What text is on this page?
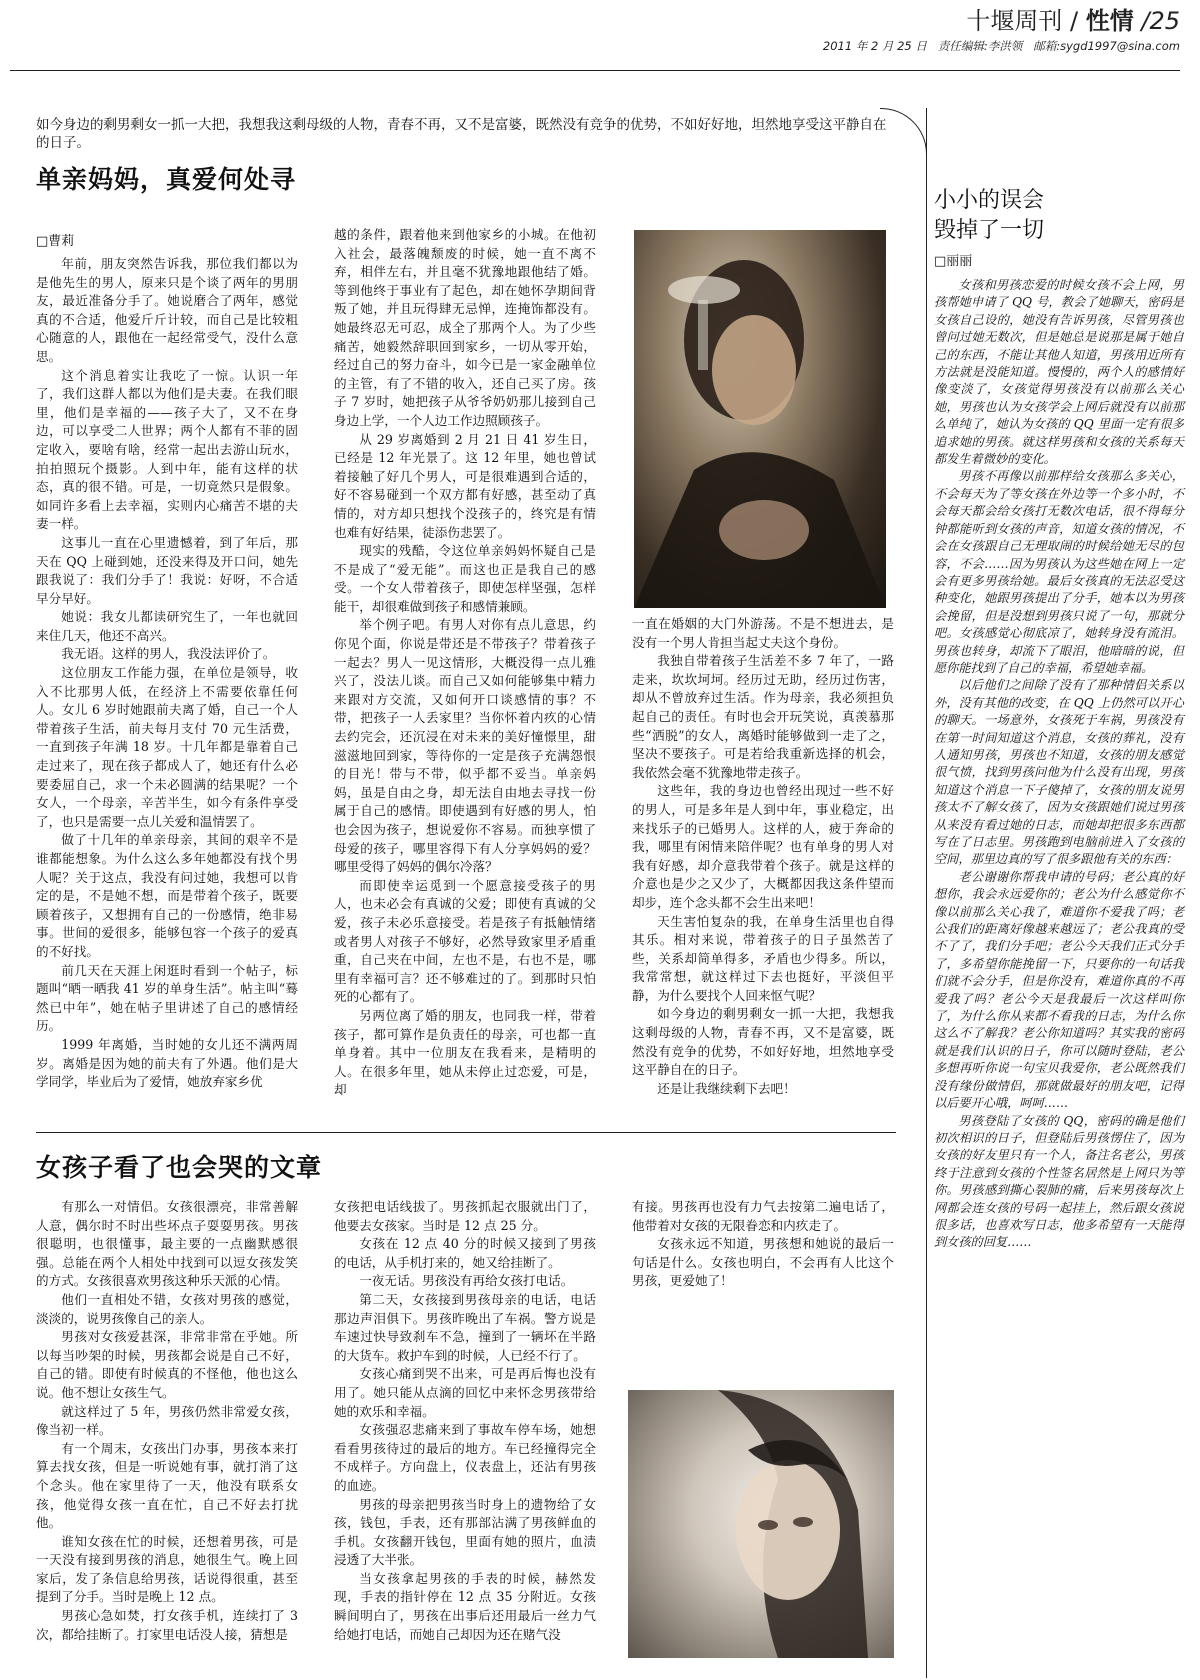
十堰周刊 / 性情 /25
2011 年 2 月 25 日 责任编辑:李洪领 邮箱:sygd1997@sina.com
如今身边的剩男剩女一抓一大把，我想我这剩母级的人物，青春不再，又不是富婆，既然没有竞争的优势，不如好好地，坦然地享受这平静自在的日子。
单亲妈妈，真爱何处寻
□曹莉

年前，朋友突然告诉我，那位我们都以为是他先生的男人，原来只是个谈了两年的男朋友，最近准备分手了。她说磨合了两年，感觉真的不合适，他爱斤斤计较，而自己是比较粗心随意的人，跟他在一起经常受气，没什么意思。

这个消息着实让我吃了一惊。认识一年了，我们这群人都以为他们是夫妻。在我们眼里，他们是幸福的——孩子大了，又不在身边，可以享受二人世界；两个人都有不菲的固定收入，要啥有啥，经常一起出去游山玩水，拍拍照玩个摄影。人到中年，能有这样的状态，真的很不错。可是，一切竟然只是假象。如同许多看上去幸福，实则内心痛苦不堪的夫妻一样。

这事儿一直在心里遗憾着，到了年后，那天在 QQ 上碰到她，还没来得及开口问，她先跟我说了：我们分手了！我说：好呀，不合适早分早好。

她说：我女儿都读研究生了，一年也就回来住几天，他还不高兴。

我无语。这样的男人，我没法评价了。

这位朋友工作能力强，在单位是领导，收入不比那男人低，在经济上不需要依靠任何人。女儿 6 岁时她跟前夫离了婚，自己一个人带着孩子生活，前夫每月支付 70 元生活费，一直到孩子年满 18 岁。十几年都是靠着自己走过来了，现在孩子都成人了，她还有什么必要委屈自己，求一个未必圆满的结果呢？一个女人，一个母亲，辛苦半生，如今有条件享受了，也只是需要一点儿关爱和温情罢了。

做了十几年的单亲母亲，其间的艰辛不是谁都能想象。为什么这么多年她都没有找个男人呢？关于这点，我没有问过她，我想可以肯定的是，不是她不想，而是带着个孩子，既要顾着孩子，又想拥有自己的一份感情，绝非易事。世间的爱很多，能够包容一个孩子的爱真的不好找。

前几天在天涯上闲逛时看到一个帖子，标题叫“晒一晒我 41 岁的单身生活”。帖主叫“蓦然已中年”，她在帖子里讲述了自己的感情经历。

1999 年离婚，当时她的女儿还不满两周岁。离婚是因为她的前夫有了外遇。他们是大学同学，毕业后为了爱情，她放弃家乡优

越的条件，跟着他来到他家乡的小城。在他初入社会，最落魄颓废的时候，她一直不离不弃，相伴左右，并且毫不犹豫地跟他结了婚。等到他终于事业有了起色，却在她怀孕期间背叛了她，并且玩得肆无忌惮，连掩饰都没有。她最终忍无可忍，成全了那两个人。为了少些痛苦，她毅然辞职回到家乡，一切从零开始，经过自己的努力奋斗，如今已是一家金融单位的主管，有了不错的收入，还自己买了房。孩子 7 岁时，她把孩子从爷爷奶奶那儿接到自己身边上学，一个人边工作边照顾孩子。

从 29 岁离婚到 2 月 21 日 41 岁生日，已经是 12 年光景了。这 12 年里，她也曾试着接触了好几个男人，可是很难遇到合适的，好不容易碰到一个双方都有好感，甚至动了真情的，对方却只想找个没孩子的，终究是有情也难有好结果，徒添伤悲罢了。

现实的残酷，令这位单亲妈妈怀疑自己是不是成了“爱无能”。而这也正是我自己的感受。一个女人带着孩子，即使怎样坚强，怎样能干，却很难做到孩子和感情兼顾。

举个例子吧。有男人对你有点儿意思，约你见个面，你说是带还是不带孩子？带着孩子一起去？男人一见这情形，大概没得一点儿雅兴了，没法儿谈。而自己又如何能够集中精力来跟对方交流，又如何开口谈感情的事？不带，把孩子一人丢家里？当你怀着内疚的心情去约完会，还沉浸在对未来的美好憧憬里，甜滋滋地回到家，等待你的一定是孩子充满怨恨的目光！带与不带，似乎都不妥当。单亲妈妈，虽是自由之身，却无法自由地去寻找一份属于自己的感情。即使遇到有好感的男人，怕也会因为孩子，想说爱你不容易。而独享惯了母爱的孩子，哪里容得下有人分享妈妈的爱？哪里受得了妈妈的偶尔冷落？

而即使幸运觅到一个愿意接受孩子的男人，也未必会有真诚的父爱；即使有真诚的父爱，孩子未必乐意接受。若是孩子有抵触情绪或者男人对孩子不够好，必然导致家里矛盾重重，自己夹在中间，左也不是，右也不是，哪里有幸福可言？还不够难过的了。到那时只怕死的心都有了。

另两位离了婚的朋友，也同我一样，带着孩子，都可算作是负责任的母亲，可也都一直单身着。其中一位朋友在我看来，是精明的人。在很多年里，她从未停止过恋爱，可是，却

一直在婚姻的大门外游荡。不是不想进去，是没有一个男人肯担当起丈夫这个身份。

我独自带着孩子生活差不多 7 年了，一路走来，坎坎坷坷。经历过无助，经历过伤害，却从不曾放弃过生活。作为母亲，我必须担负起自己的责任。有时也会开玩笑说，真羡慕那些“洒脱”的女人，离婚时能够做到一走了之，坚决不要孩子。可是若给我重新选择的机会，我依然会毫不犹豫地带走孩子。

这些年，我的身边也曾经出现过一些不好的男人，可是多年是人到中年，事业稳定，出来找乐子的已婚男人。这样的人，疲于奔命的我，哪里有闲情来陪伴呢？也有单身的男人对我有好感，却介意我带着个孩子。就是这样的介意也是少之又少了，大概都因我这条件望而却步，连个念头都不会生出来吧！

天生害怕复杂的我，在单身生活里也自得其乐。相对来说，带着孩子的日子虽然苦了些，关系却简单得多，矛盾也少得多。所以，我常常想，就这样过下去也挺好，平淡但平静，为什么要找个人回来怄气呢？

如今身边的剩男剩女一抓一大把，我想我这剩母级的人物，青春不再，又不是富婆，既然没有竞争的优势，不如好好地，坦然地享受这平静自在的日子。

还是让我继续剩下去吧！

女孩子看了也会哭的文章

有那么一对情侣。女孩很漂亮，非常善解人意，偶尔时不时出些坏点子耍耍男孩。男孩很聪明，也很懂事，最主要的一点幽默感很强。总能在两个人相处中找到可以逗女孩发笑的方式。女孩很喜欢男孩这种乐天派的心情。

他们一直相处不错，女孩对男孩的感觉，淡淡的，说男孩像自己的亲人。

男孩对女孩爱甚深，非常非常在乎她。所以每当吵架的时候，男孩都会说是自己不好，自己的错。即使有时候真的不怪他，他也这么说。他不想让女孩生气。

就这样过了 5 年，男孩仍然非常爱女孩，像当初一样。

有一个周末，女孩出门办事，男孩本来打算去找女孩，但是一听说她有事，就打消了这个念头。他在家里待了一天，他没有联系女孩，他觉得女孩一直在忙，自己不好去打扰他。

谁知女孩在忙的时候，还想着男孩，可是一天没有接到男孩的消息，她很生气。晚上回家后，发了条信息给男孩，话说得很重，甚至提到了分手。当时是晚上 12 点。

男孩心急如焚，打女孩手机，连续打了 3 次，都给挂断了。打家里电话没人接，猜想是

女孩把电话线拔了。男孩抓起衣服就出门了，他要去女孩家。当时是 12 点 25 分。

女孩在 12 点 40 分的时候又接到了男孩的电话，从手机打来的，她又给挂断了。

一夜无话。男孩没有再给女孩打电话。

第二天，女孩接到男孩母亲的电话，电话那边声泪俱下。男孩昨晚出了车祸。警方说是车速过快导致刹车不急，撞到了一辆坏在半路的大货车。救护车到的时候，人已经不行了。

女孩心痛到哭不出来，可是再后悔也没有用了。她只能从点滴的回忆中来怀念男孩带给她的欢乐和幸福。

女孩强忍悲痛来到了事故车停车场，她想看看男孩待过的最后的地方。车已经撞得完全不成样子。方向盘上，仪表盘上，还沾有男孩的血迹。

男孩的母亲把男孩当时身上的遗物给了女孩，钱包，手表，还有那部沾满了男孩鲜血的手机。女孩翻开钱包，里面有她的照片，血渍浸透了大半张。

当女孩拿起男孩的手表的时候，赫然发现，手表的指针停在 12 点 35 分附近。女孩瞬间明白了，男孩在出事后还用最后一丝力气给她打电话，而她自己却因为还在赌气没

有接。男孩再也没有力气去按第二遍电话了，他带着对女孩的无限眷恋和内疚走了。

女孩永远不知道，男孩想和她说的最后一句话是什么。女孩也明白，不会再有人比这个男孩，更爱她了！

小小的误会
毁掉了一切
□丽丽

女孩和男孩恋爱的时候女孩不会上网，男孩帮她申请了 QQ 号，教会了她聊天，密码是女孩自己设的，她没有告诉男孩，尽管男孩也曾问过她无数次，但是她总是说那是属于她自己的东西，不能让其他人知道，男孩用近所有方法就是没能知道。慢慢的，两个人的感情好像变淡了，女孩觉得男孩没有以前那么关心她，男孩也认为女孩学会上网后就没有以前那么单纯了，她认为女孩的 QQ 里面一定有很多追求她的男孩。就这样男孩和女孩的关系每天都发生着微妙的变化。

男孩不再像以前那样给女孩那么多关心，不会每天为了等女孩在外边等一个多小时，不会每天都会给女孩打无数次电话，很不得每分钟都能听到女孩的声音，知道女孩的情况，不会在女孩跟自己无理取闹的时候给她无尽的包容，不会……因为男孩认为这些她在网上一定会有更多男孩给她。最后女孩真的无法忍受这种变化，她跟男孩提出了分手，她本以为男孩会挽留，但是没想到男孩只说了一句，那就分吧。女孩感觉心彻底凉了，她转身没有流泪。男孩也转身，却流下了眼泪，他暗暗的说，但愿你能找到了自己的幸福，希望她幸福。

以后他们之间除了没有了那种情侣关系以外，没有其他的改变，在 QQ 上仍然可以开心的聊天。一场意外，女孩死于车祸，男孩没有在第一时间知道这个消息，女孩的葬礼，没有人通知男孩，男孩也不知道，女孩的朋友感觉很气愤，找到男孩问他为什么没有出现，男孩知道这个消息一下子傻掉了，女孩的朋友说男孩太不了解女孩了，因为女孩跟她们说过男孩从来没有看过她的日志，而她却把很多东西都写在了日志里。男孩跑到电脑前进入了女孩的空间，那里边真的写了很多跟他有关的东西：

老公谢谢你帮我申请的号码；老公真的好想你，我会永远爱你的；老公为什么感觉你不像以前那么关心我了，难道你不爱我了吗；老公我们的距离好像越来越远了；老公我真的受不了了，我们分手吧；老公今天我们正式分手了，多希望你能挽留一下，只要你的一句话我们就不会分手，但是你没有，难道你真的不再爱我了吗？老公今天是我最后一次这样叫你了，为什么你从来都不看我的日志，为什么你这么不了解我？老公你知道吗？其实我的密码就是我们认识的日子，你可以随时登陆，老公多想再听你说一句宝贝我爱你，老公既然我们没有缘份做情侣，那就做最好的朋友吧，记得以后要开心哦，呵呵……

男孩登陆了女孩的 QQ，密码的确是他们初次相识的日子，但登陆后男孩愣住了，因为女孩的好友里只有一个人，备注名老公，男孩终于注意到女孩的个性签名居然是上网只为等你。男孩感到撕心裂肺的痛，后来男孩每次上网都会连女孩的号码一起挂上，然后跟女孩说很多话，也喜欢写日志，他多希望有一天能得到女孩的回复……
